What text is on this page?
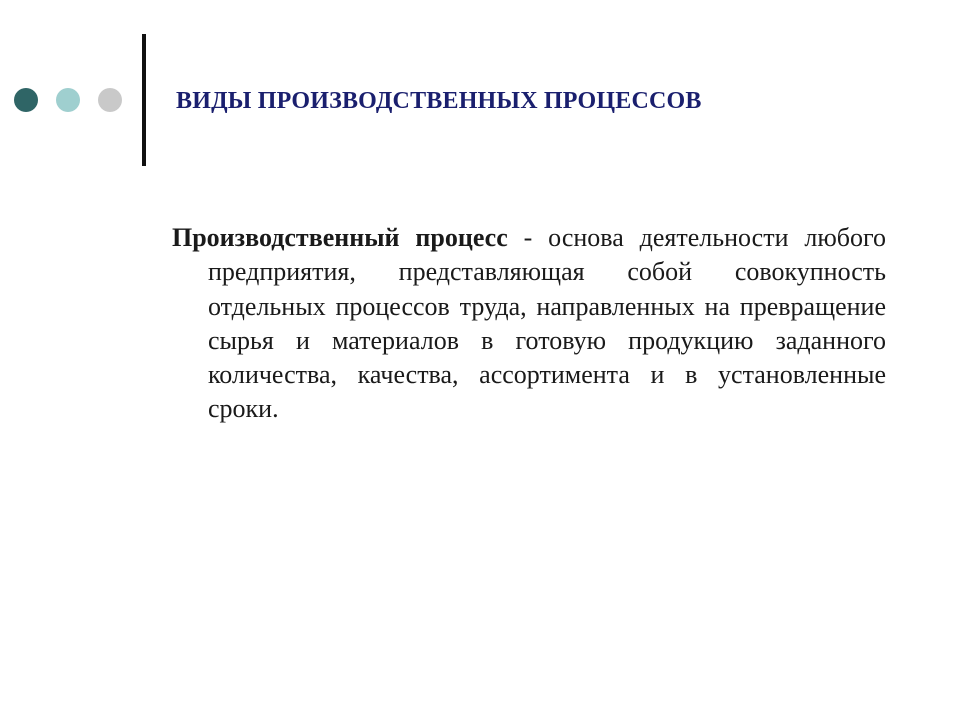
ВИДЫ ПРОИЗВОДСТВЕННЫХ ПРОЦЕССОВ

Производственный процесс - основа деятельности любого предприятия, представляющая собой совокупность отдельных процессов труда, направленных на превращение сырья и материалов в готовую продукцию заданного количества, качества, ассортимента и в установленные сроки.
